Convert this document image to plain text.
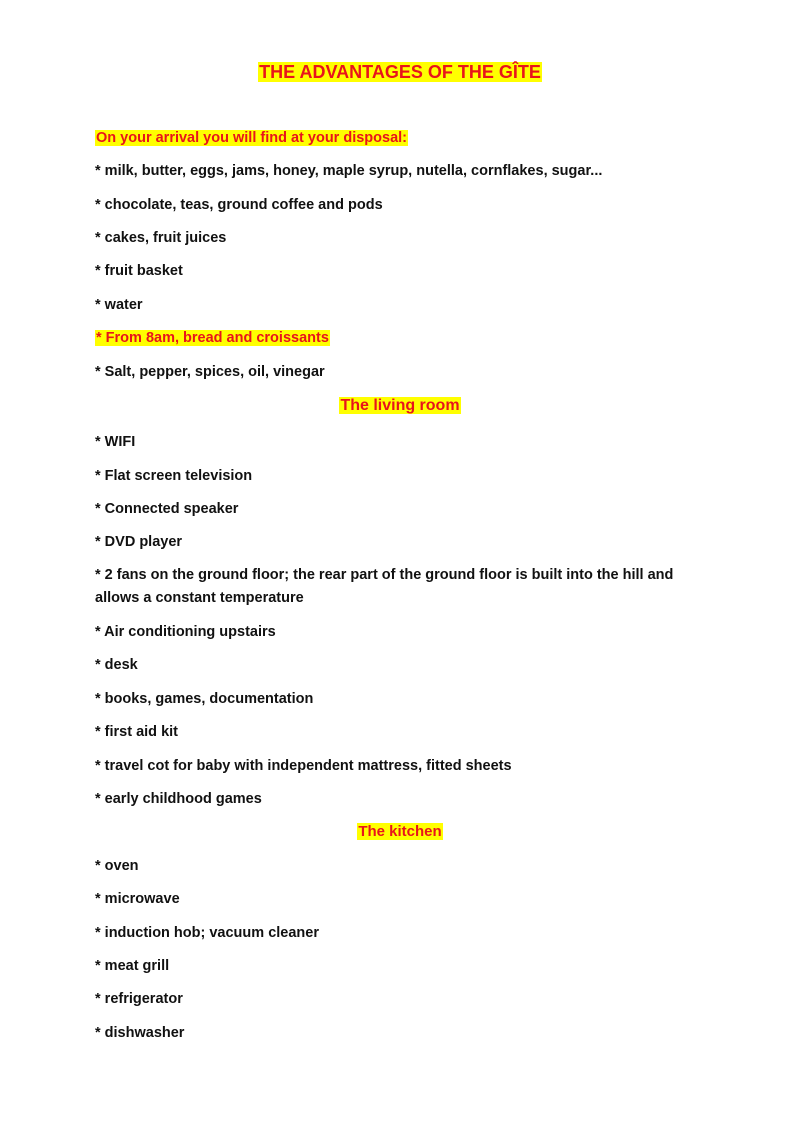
THE ADVANTAGES OF THE GÎTE
On your arrival you will find at your disposal:
* milk, butter, eggs, jams, honey, maple syrup, nutella, cornflakes, sugar...
* chocolate, teas, ground coffee and pods
* cakes, fruit juices
* fruit basket
* water
* From 8am, bread and croissants
* Salt, pepper, spices, oil, vinegar
The living room
* WIFI
* Flat screen television
* Connected speaker
* DVD player
* 2 fans on the ground floor; the rear part of the ground floor is built into the hill and allows a constant temperature
* Air conditioning upstairs
* desk
* books, games, documentation
* first aid kit
* travel cot for baby with independent mattress, fitted sheets
* early childhood games
The kitchen
* oven
* microwave
* induction hob; vacuum cleaner
* meat grill
* refrigerator
* dishwasher
